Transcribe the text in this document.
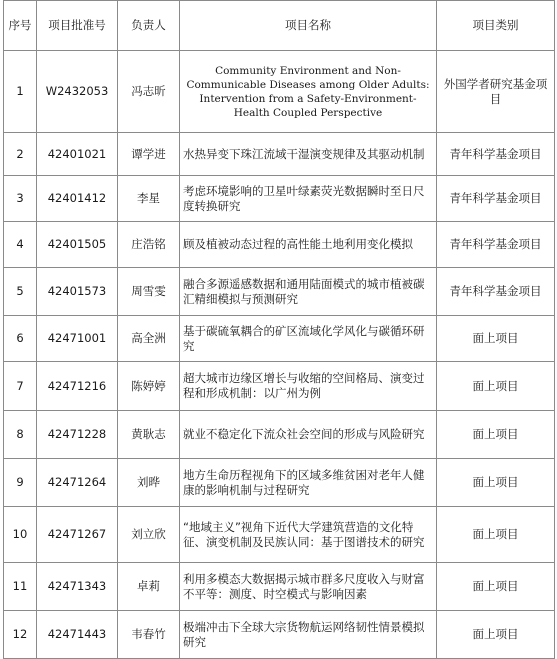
序号	项目批准号	负责人	项目名称	项目类别
1	W2432053	冯志昕	Community Environment and Non-Communicable Diseases among Older Adults: Intervention from a Safety-Environment-Health Coupled Perspective	外国学者研究基金项目
2	42401021	谭学进	水热异变下珠江流域干湿演变规律及其驱动机制	青年科学基金项目
3	42401412	李星	考虑环境影响的卫星叶绿素荧光数据瞬时至日尺度转换研究	青年科学基金项目
4	42401505	庄浩铭	顾及植被动态过程的高性能土地利用变化模拟	青年科学基金项目
5	42401573	周雪雯	融合多源遥感数据和通用陆面模式的城市植被碳汇精细模拟与预测研究	青年科学基金项目
6	42471001	高全洲	基于碳硫氧耦合的矿区流域化学风化与碳循环研究	面上项目
7	42471216	陈婷婷	超大城市边缘区增长与收缩的空间格局、演变过程和形成机制：以广州为例	面上项目
8	42471228	黄耿志	就业不稳定化下流众社会空间的形成与风险研究	面上项目
9	42471264	刘晔	地方生命历程视角下的区域多维贫困对老年人健康的影响机制与过程研究	面上项目
10	42471267	刘立欣	“地域主义”视角下近代大学建筑营造的文化特征、演变机制及民族认同：基于图谱技术的研究	面上项目
11	42471343	卓莉	利用多模态大数据揭示城市群多尺度收入与财富不平等：测度、时空模式与影响因素	面上项目
12	42471443	韦春竹	极端冲击下全球大宗货物航运网络韧性情景模拟研究	面上项目
